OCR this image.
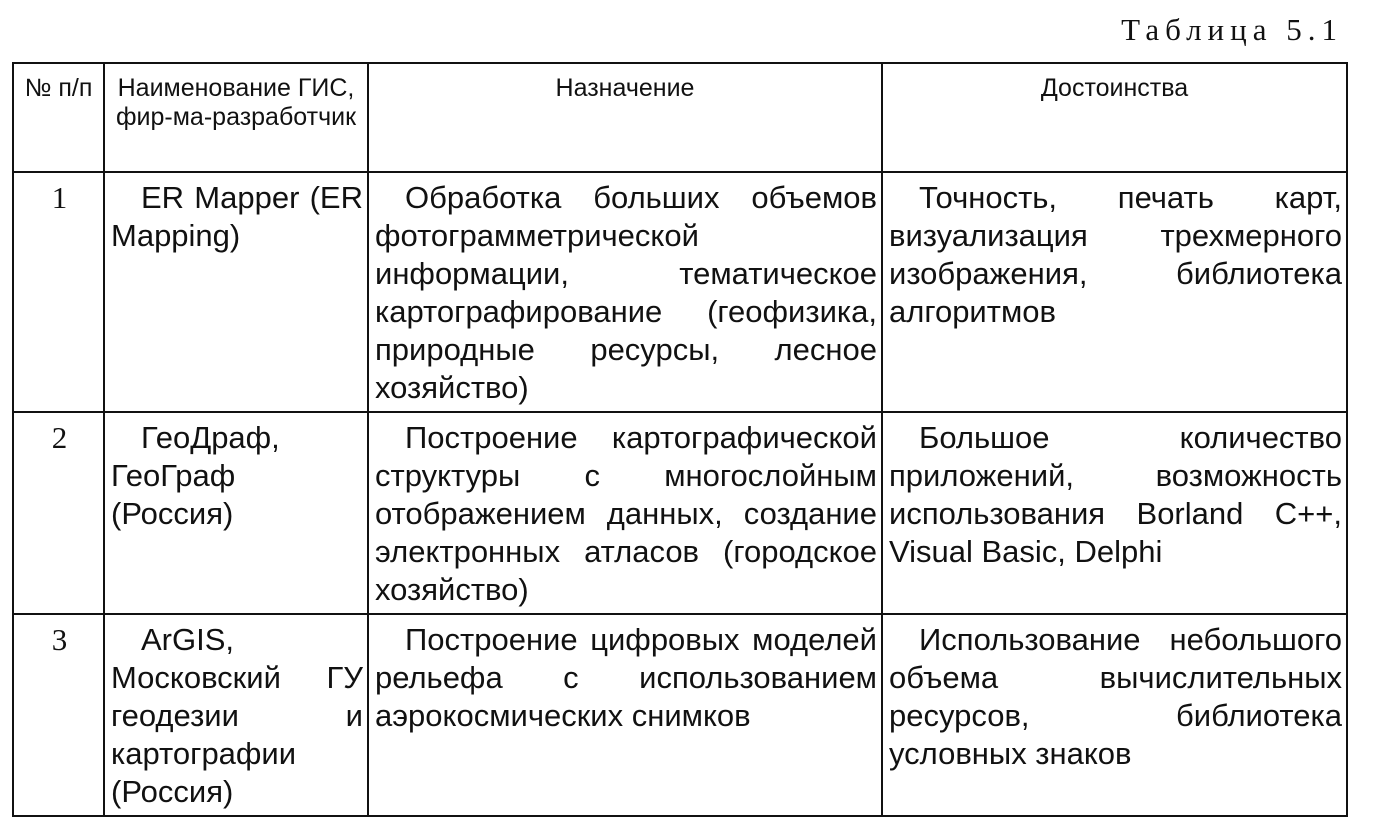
Таблица 5.1
№ п/п	Наименование ГИС, фир-ма-разработчик	Назначение	Достоинства
1	ER Mapper (ER Mapping)	Обработка больших объемов фотограмметрической информации, тематическое картографирование (геофизика, природные ресурсы, лесное хозяйство)	Точность, печать карт, визуализация трехмерного изображения, библиотека алгоритмов
2	ГеоДраф, ГеоГраф (Россия)	Построение картографической структуры с многослойным отображением данных, создание электронных атласов (городское хозяйство)	Большое количество приложений, возможность использования Borland C++, Visual Basic, Delphi
3	ArGIS, Московский ГУ геодезии и картографии (Россия)	Построение цифровых моделей рельефа с использованием аэрокосмических снимков	Использование небольшого объема вычислительных ресурсов, библиотека условных знаков
